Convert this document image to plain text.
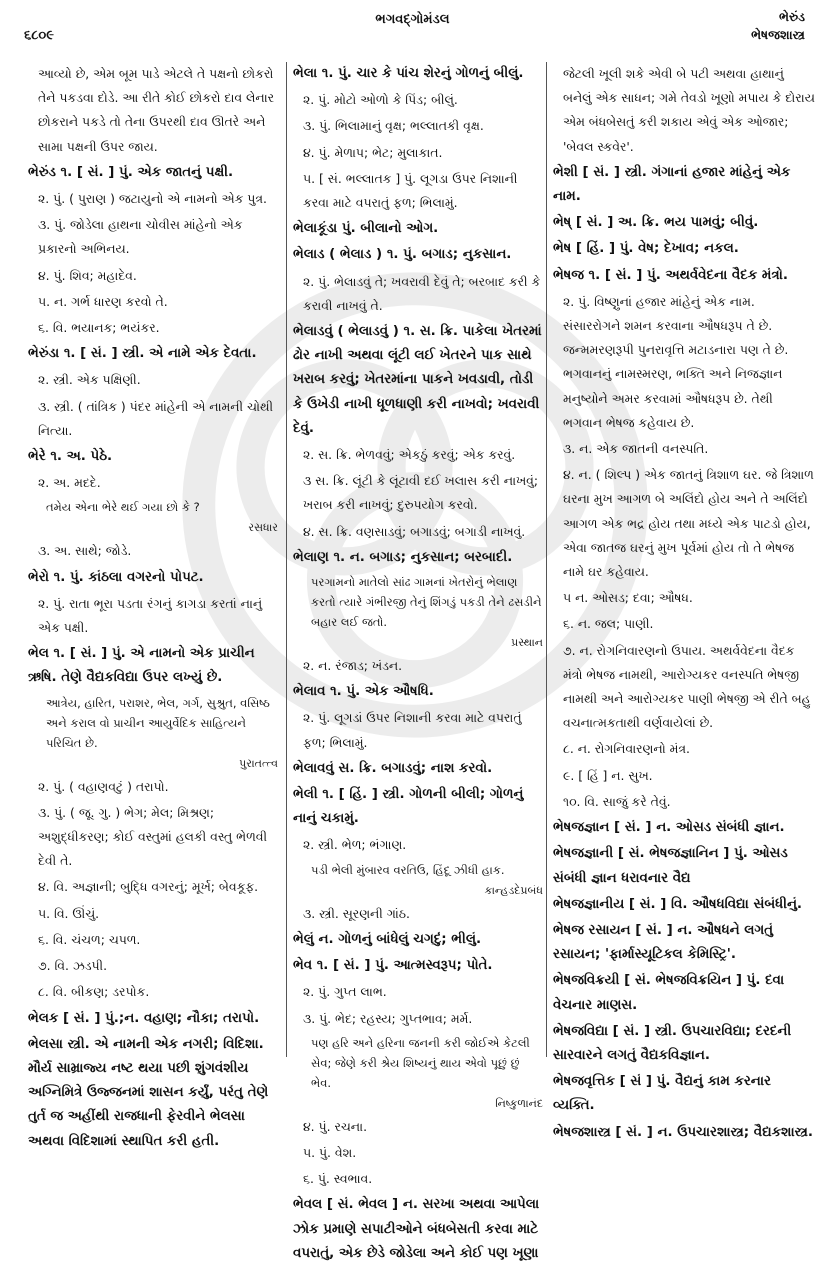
૬૮૦૯
ભગવદ્‍ગોમંડલ	ભેરુંડ
ભેષજશાસ્ત્ર
આવ્યો છે, એમ બૂમ પાડે એટલે તે પક્ષનો છોકરો તેને પકડવા દોડે. આ રીતે કોઈ છોકરો દાવ લેનાર છોકરાને પકડે તો તેના ઉપરથી દાવ ઊતરે અને સામા પક્ષની ઉપર જાય.
ભેરુંડ ૧. [ સં. ] પું. એક જાતનું પક્ષી.
૨. પું. ( પુરાણ ) જટાયુનો એ નામનો એક પુત્ર.
૩. પું. જોડેલા હાથના ચોવીસ માંહેનો એક પ્રકારનો અભિનય.
૪. પું. શિવ; મહાદેવ.
૫. ન. ગર્ભ ધારણ કરવો તે.
૬. વિ. ભયાનક; ભયંકર.
ભેરુંડા ૧. [ સં. ] સ્ત્રી. એ નામે એક દેવતા.
૨. સ્ત્રી. એક પક્ષિણી.
૩. સ્ત્રી. ( તાંત્રિક ) પંદર માંહેની એ નામની ચોથી નિત્યા.
ભેરે ૧. અ. પેઠે.
૨. અ. મદદે.
તમેય એના ભેરે થઈ ગયા છો કે ?
રસધાર
૩. અ. સાથે; જોડે.
ભેરો ૧. પું. કાંઠલા વગરનો પોપટ.
૨. પું. રાતા ભૂરા પડતા રંગનું કાગડા કરતાં નાનું એક પક્ષી.
ભેલ ૧. [ સં. ] પું. એ નામનો એક પ્રાચીન ઋષિ. તેણે વૈદ્યકવિદ્યા ઉપર લખ્યું છે.
આત્રેય, હારિત, પરાશર, ભેલ, ગર્ગ, સુશ્રુત, વસિષ્ઠ અને કરાલ વો પ્રાચીન આયુર્વેદિક સાહિત્યને પરિચિત છે.
પુરાતત્ત્વ
૨. પું. ( વહાણવટું ) તરાપો.
૩. પું. ( જૂ. ગુ. ) ભેગ; મેલ; મિશ્રણ; અશુદ્ધીકરણ; કોઈ વસ્તુમાં હલકી વસ્તુ ભેળવી દેવી તે.
૪. વિ. અજ્ઞાની; બુદ્ધિ વગરનું; મૂર્ખ; બેવકૂફ.
૫. વિ. ઊંચું.
૬. વિ. ચંચળ; ચપળ.
૭. વિ. ઝડપી.
૮. વિ. બીકણ; ડરપોક.
ભેલક [ સં. ] પું.;ન. વહાણ; નૌકા; તરાપો.
ભેલસા સ્ત્રી. એ નામની એક નગરી; વિદિશા. મૌર્ય સામ્રાજ્ય નષ્ટ થયા પછી શુંગવંશીય અગ્નિમિત્રે ઉજ્જનમાં શાસન કર્યું, પરંતુ તેણે તુર્ત જ અહીંથી રાજધાની ફેરવીને ભેલસા અથવા વિદિશામાં સ્થાપિત કરી હતી.
ભેલા ૧. પું. ચાર કે પાંચ શેરનું ગોળનું બીલું.
૨. પું. મોટો ઓળો કે પિંડ; બીલું.
૩. પું. ભિલામાનું વૃક્ષ; ભલ્લાતકી વૃક્ષ.
૪. પું. મેળાપ; ભેટ; મુલાકાત.
૫. [ સં. ભલ્લાતક ] પું. લૂગડા ઉપર નિશાની કરવા માટે વપરાતું ફળ; ભિલામું.
ભેલાકૂંડા પું. બીલાનો ઓગ.
ભેલાડ ( ભેલાડ ) ૧. પું. બગાડ; નુકસાન.
૨. પું. ભેલાડવું તે; ખવરાવી દેવું તે; બરબાદ કરી કે કરાવી નાખવું તે.
ભેલાડવું ( ભેલાડવું ) ૧. સ. ક્રિ. પાકેલા ખેતરમાં ઢોર નાખી અથવા લૂંટી લઈ ખેતરને પાક સાથે ખરાબ કરવું; ખેતરમાંના પાકને ખવડાવી, તોડી કે ઉખેડી નાખી ધૂળધાણી કરી નાખવો; ખવરાવી દેવું.
૨. સ. ક્રિ. ભેળવવું; એકઠું કરવું; એક કરવું.
૩ સ. ક્રિ. લૂંટી કે લૂંટાવી દઈ ખલાસ કરી નાખવું; ખરાબ કરી નાખવું; દુરુપયોગ કરવો.
૪. સ. ક્રિ. વણસાડવું; બગાડવું; બગાડી નાખવું.
ભેલાણ ૧. ન. બગાડ; નુકસાન; બરબાદી.
પરગામનો માતેલો સાંઢ ગામનાં ખેતરોનું ભેલાણ કરતો ત્યારે ગંભીરજી તેનું શિંગડું પકડી તેને ઢસડીને બહાર લઈ જતો.
પ્રસ્થાન
૨. ન. રંજાડ; ખંડન.
ભેલાવ ૧. પું. એક ઔષધિ.
૨. પું. લૂગડાં ઉપર નિશાની કરવા માટે વપરાતું ફળ; ભિલામું.
ભેલાવવું સ. ક્રિ. બગાડવું; નાશ કરવો.
ભેલી ૧. [ હિં. ] સ્ત્રી. ગોળની બીલી; ગોળનું નાનું ચકામું.
૨. સ્ત્રી. ભેળ; ભંગાણ.
પડી ભેલી મુંબારવ વરતિઉ, હિંદૂ ઝીધી હાક.
કાન્હડદેપ્રબંધ
૩. સ્ત્રી. સૂરણની ગાંઠ.
ભેલું ન. ગોળનું બાંધેલું ચગદું; ભીલું.
ભેવ ૧. [ સં. ] પું. આત્મસ્વરૂપ; પોતે.
૨. પું. ગુપ્ત લાભ.
૩. પું. ભેદ; રહસ્ય; ગુપ્તભાવ; મર્મ.
પણ હરિ અને હરિના જનની કરી જોઈએ કેટલી સેવ; જેણે કરી શ્રેય શિષ્યનું થાય એવો પૂછું છું ભેવ.
નિષ્કુળાનંદ
૪. પું. રચના.
૫. પું. વેશ.
૬. પું. સ્વભાવ.
ભેવલ [ સં. ભેવલ ] ન. સરખા અથવા આપેલા ઝોક પ્રમાણે સપાટીઓને બંધબેસતી કરવા માટે વપરાતું, એક છેડે જોડેલા અને કોઈ પણ ખૂણા
જેટલી ખૂલી શકે એવી બે પટી અથવા હાથાનું બનેલું એક સાધન; ગમે તેવડો ખૂણો મપાય કે દોરાય એમ બંધબેસતું કરી શકાય એવું એક ઓજાર; 'બેવલ સ્કવેર'.
ભેશી [ સં. ] સ્ત્રી. ગંગાનાં હજાર માંહેનું એક નામ.
ભેષ્ [ સં. ] અ. ક્રિ. ભય પામવું; બીવું.
ભેષ [ હિં. ] પું. વેષ; દેખાવ; નકલ.
ભેષજ ૧. [ સં. ] પું. અથર્વવેદના વૈદક મંત્રો.
૨. પું. વિષ્ણુનાં હજાર માંહેનું એક નામ. સંસારરોગને શમન કરવાના ઔષધરૂપ તે છે. જન્મમરણરૂપી પુનરાવૃત્તિ મટાડનારા પણ તે છે. ભગવાનનું નામસ્મરણ, ભક્તિ અને નિજજ્ઞાન મનુષ્યોને અમર કરવામાં ઔષધરૂપ છે. તેથી ભગવાન ભેષજ કહેવાય છે.
૩. ન. એક જાતની વનસ્પતિ.
૪. ન. ( શિલ્પ ) એક જાતનું ત્રિશાળ ઘર. જે ત્રિશાળ ઘરના મુખ આગળ બે અલિંદો હોય અને તે અલિંદો આગળ એક ભદ્ર હોય તથા મધ્યે એક પાટડો હોય, એવા જાતજ ઘરનું મુખ પૂર્વમાં હોય તો તે ભેષજ નામે ઘર કહેવાય.
૫ ન. ઓસડ; દવા; ઔષધ.
૬. ન. જલ; પાણી.
૭. ન. રોગનિવારણનો ઉપાય. અથર્વવેદના વૈદક મંત્રો ભેષજ નામથી, આરોગ્યકર વનસ્પતિ ભેષજી નામથી અને આરોગ્યકર પાણી ભેષજી એ રીતે બહુ વચનાત્મકતાથી વર્ણવાયેલાં છે.
૮. ન. રોગનિવારણનો મંત્ર.
૯. [ હિં ] ન. સુખ.
૧૦. વિ. સાજું કરે તેવું.
ભેષજજ્ઞાન [ સં. ] ન. ઓસડ સંબંધી જ્ઞાન.
ભેષજજ્ઞાની [ સં. ભેષજજ્ઞાનિન ] પું. ઓસડ સંબંધી જ્ઞાન ધરાવનાર વૈદ્ય
ભેષજજ્ઞાનીય [ સં. ] વિ. ઔષધવિદ્યા સંબંધીનું.
ભેષજ રસાયન [ સં. ] ન. ઔષધને લગતું રસાયન; 'ફાર્માસ્યૂટિકલ કેમિસ્ટ્રિ'.
ભેષજવિક્રયી [ સં. ભેષજવિક્રયિન ] પું. દવા વેચનાર માણસ.
ભેષજવિદ્યા [ સં. ] સ્ત્રી. ઉપચારવિદ્યા; દરદની સારવારને લગતું વૈદ્યકવિજ્ઞાન.
ભેષજવૃત્તિક [ સં ] પું. વૈદ્યનું કામ કરનાર વ્યક્તિ.
ભેષજશાસ્ત્ર [ સં. ] ન. ઉપચારશાસ્ત્ર; વૈદ્યકશાસ્ત્ર.
